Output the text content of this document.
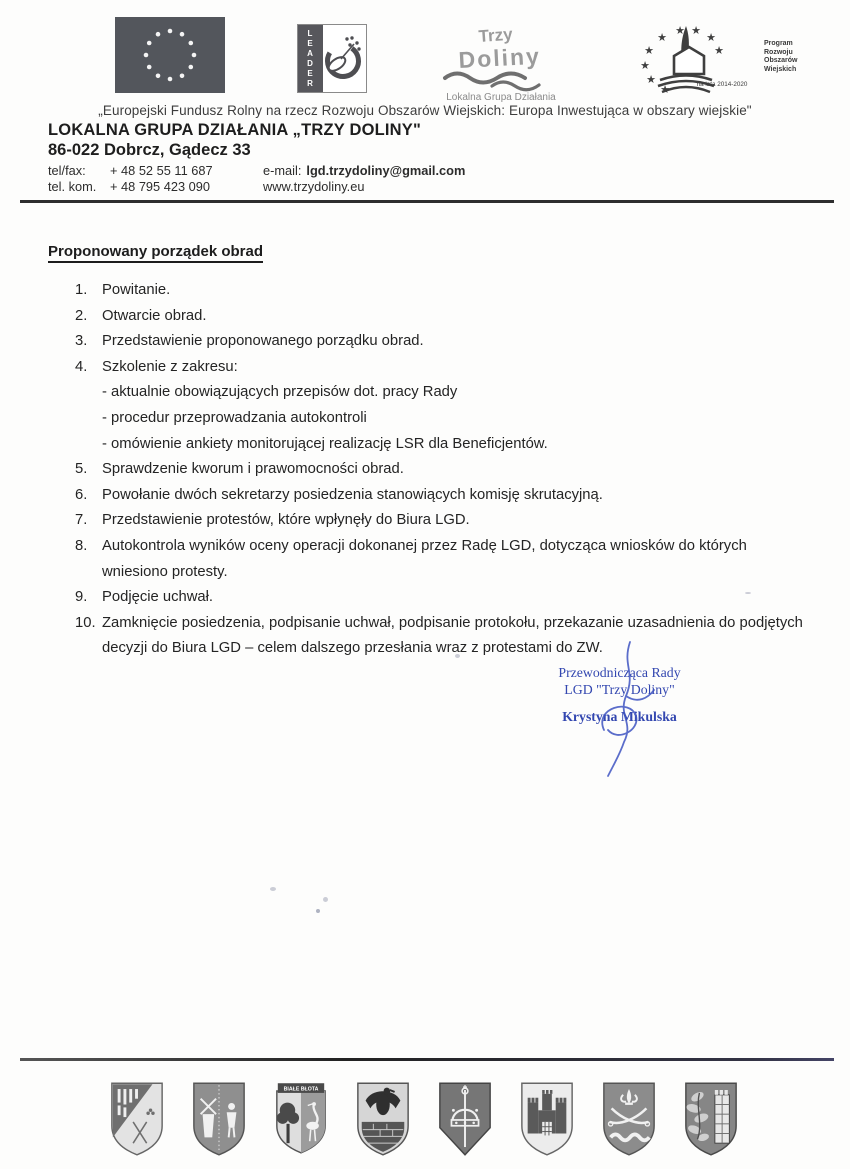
L
E
A
D
E
R
Trzy
Doliny
Lokalna Grupa Działania
★
★
★
★
★
★
★
★
★
na lata 2014-2020
Program
Rozwoju
Obszarów
Wiejskich
„Europejski Fundusz Rolny na rzecz Rozwoju Obszarów Wiejskich: Europa Inwestująca w obszary wiejskie"
LOKALNA GRUPA DZIAŁANIA „TRZY DOLINY"
86-022 Dobrcz, Gądecz 33
tel/fax:	+ 48 52 55 11 687	e-mail: lgd.trzydoliny@gmail.com
tel. kom.	+ 48 795 423 090	www.trzydoliny.eu
Proponowany porządek obrad
1. Powitanie.
2. Otwarcie obrad.
3. Przedstawienie proponowanego porządku obrad.
4. Szkolenie z zakresu:
- aktualnie obowiązujących przepisów dot. pracy Rady
- procedur przeprowadzania autokontroli
- omówienie ankiety monitorującej realizację LSR dla Beneficjentów.
5. Sprawdzenie kworum i prawomocności obrad.
6. Powołanie dwóch sekretarzy posiedzenia stanowiących komisję skrutacyjną.
7. Przedstawienie protestów, które wpłynęły do Biura LGD.
8. Autokontrola wyników oceny operacji dokonanej przez Radę LGD, dotycząca wniosków do których wniesiono protesty.
9. Podjęcie uchwał.
10. Zamknięcie posiedzenia, podpisanie uchwał, podpisanie protokołu, przekazanie uzasadnienia do podjętych decyzji do Biura LGD – celem dalszego przesłania wraz z protestami do ZW.
Przewodnicząca Rady
LGD "Trzy Doliny"
Krystyna Mikulska
BIAŁE BŁOTA
